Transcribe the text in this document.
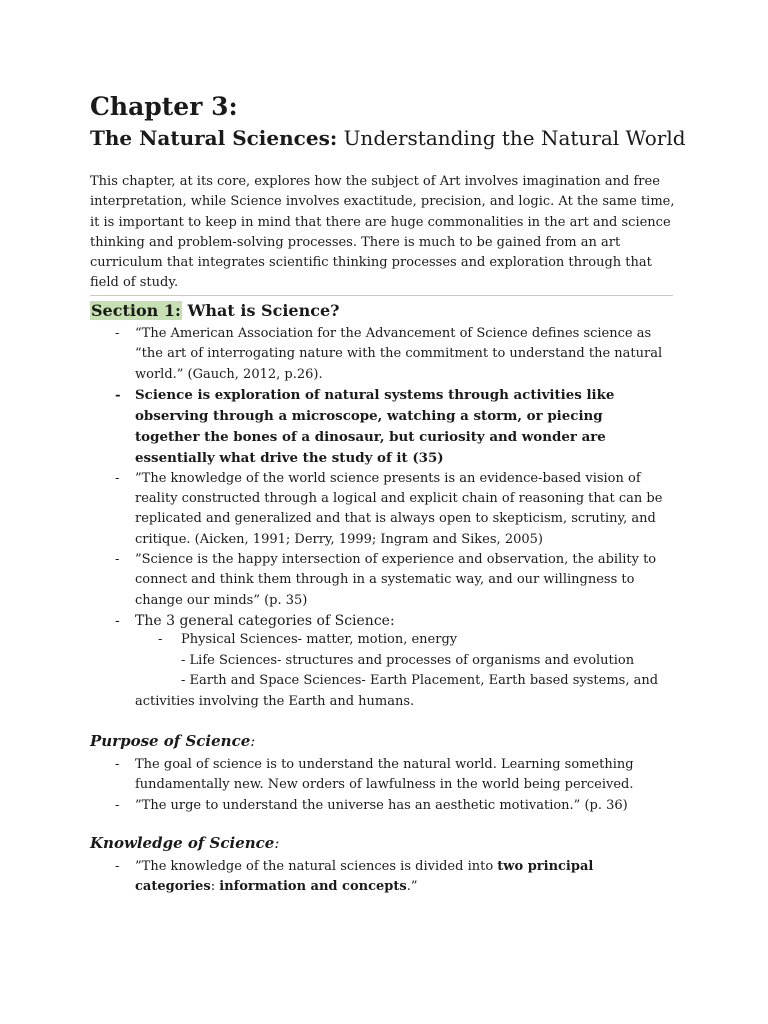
Chapter 3:
The Natural Sciences: Understanding the Natural World

This chapter, at its core, explores how the subject of Art involves imagination and free interpretation, while Science involves exactitude, precision, and logic. At the same time, it is important to keep in mind that there are huge commonalities in the art and science thinking and problem-solving processes. There is much to be gained from an art curriculum that integrates scientific thinking processes and exploration through that field of study.

Section 1: What is Science?
- “The American Association for the Advancement of Science defines science as “the art of interrogating nature with the commitment to understand the natural world.” (Gauch, 2012, p.26).
- Science is exploration of natural systems through activities like observing through a microscope, watching a storm, or piecing together the bones of a dinosaur, but curiosity and wonder are essentially what drive the study of it (35)
- ”The knowledge of the world science presents is an evidence-based vision of reality constructed through a logical and explicit chain of reasoning that can be replicated and generalized and that is always open to skepticism, scrutiny, and critique. (Aicken, 1991; Derry, 1999; Ingram and Sikes, 2005)
- ”Science is the happy intersection of experience and observation, the ability to connect and think them through in a systematic way, and our willingness to change our minds” (p. 35)
- The 3 general categories of Science:
- Physical Sciences- matter, motion, energy
- Life Sciences- structures and processes of organisms and evolution
- Earth and Space Sciences- Earth Placement, Earth based systems, and
activities involving the Earth and humans.
Purpose of Science:
- The goal of science is to understand the natural world. Learning something fundamentally new. New orders of lawfulness in the world being perceived.
- ”The urge to understand the universe has an aesthetic motivation.” (p. 36)
Knowledge of Science:
- ”The knowledge of the natural sciences is divided into two principal categories: information and concepts.”
